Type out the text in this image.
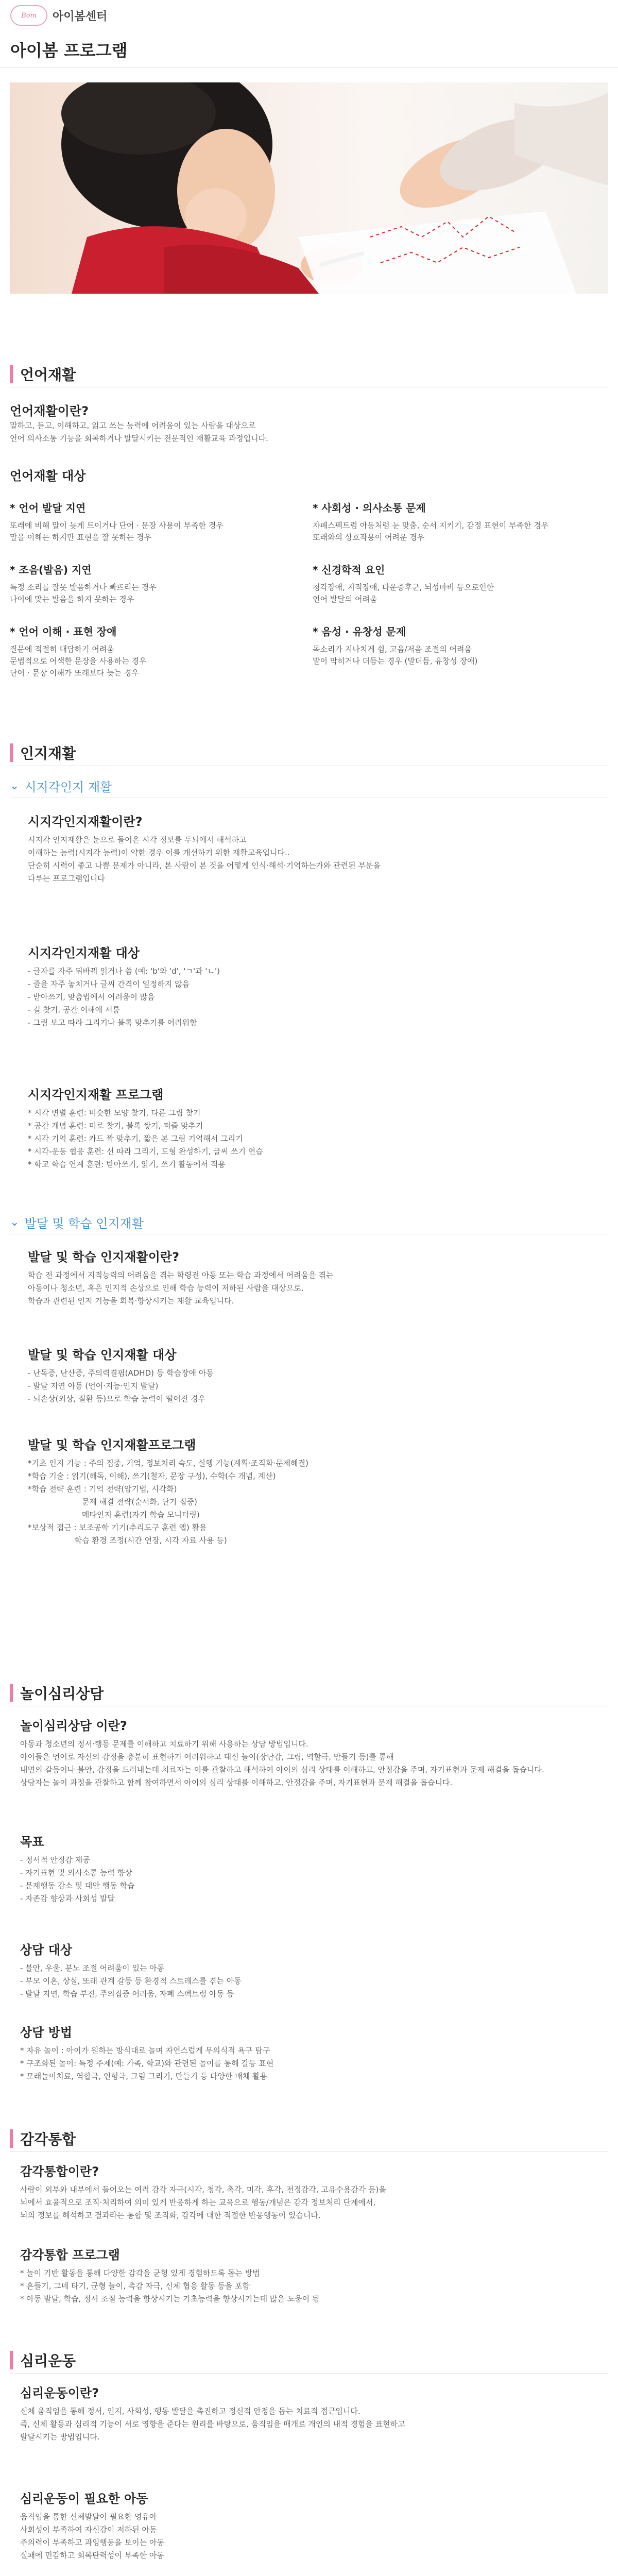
Bom 아이봄센터
아이봄 프로그램
언어재활
언어재활이란?

말하고, 듣고, 이해하고, 읽고 쓰는 능력에 어려움이 있는 사람을 대상으로

언어 의사소통 기능을 회복하거나 발달시키는 전문적인 재활교육 과정입니다.

언어재활 대상
* 언어 발달 지연

또래에 비해 말이 늦게 트이거나 단어 · 문장 사용이 부족한 경우

말을 이해는 하지만 표현을 잘 못하는 경우

* 사회성 · 의사소통 문제

자폐스펙트럼 아동처럼 눈 맞춤, 순서 지키기, 감정 표현이 부족한 경우

또래와의 상호작용이 어려운 경우

* 조음(발음) 지연

특정 소리를 잘못 발음하거나 빠뜨리는 경우

나이에 맞는 발음을 하지 못하는 경우

* 신경학적 요인

청각장애, 지적장애, 다운증후군, 뇌성마비 등으로인한

언어 발달의 어려움

* 언어 이해 · 표현 장애

질문에 적절히 대답하기 어려움

문법적으로 어색한 문장을 사용하는 경우

단어 · 문장 이해가 또래보다 늦는 경우

* 음성 · 유창성 문제

목소리가 지나치게 쉼, 고음/저음 조절의 어려움

말이 막히거나 더듬는 경우 (말더듬, 유창성 장애)

인지재활
⌄ 시지각인지 재활
시지각인지재활이란?

시지각 인지재활은 눈으로 들어온 시각 정보를 두뇌에서 해석하고

이해하는 능력(시지각 능력)이 약한 경우 이를 개선하기 위한 재활교육입니다..

단순히 시력이 좋고 나쁨 문제가 아니라, 본 사람이 본 것을 어떻게 인식·해석·기억하는가와 관련된 부분을

다루는 프로그램입니다

시지각인지재활 대상

- 글자를 자주 뒤바꿔 읽거나 씀 (예: 'b'와 'd', 'ㄱ'과 'ㄴ')

- 줄을 자주 놓치거나 글씨 간격이 일정하지 않음

- 받아쓰기, 맞춤법에서 어려움이 많음

- 길 찾기, 공간 이해에 서툼

- 그림 보고 따라 그리기나 블록 맞추기를 어려워함

시지각인지재활 프로그램

* 시각 변별 훈련: 비슷한 모양 찾기, 다른 그림 찾기

* 공간 개념 훈련: 미로 찾기, 블록 쌓기, 퍼즐 맞추기

* 시각 기억 훈련: 카드 짝 맞추기, 짧은 본 그림 기억해서 그리기

* 시각-운동 협응 훈련: 선 따라 그리기, 도형 완성하기, 글씨 쓰기 연습

* 학교 학습 연계 훈련: 받아쓰기, 읽기, 쓰기 활동에서 적용

⌄ 발달 및 학습 인지재활
발달 및 학습 인지재활이란?

학습 전 과정에서 지적능력의 어려움을 겪는 학령전 아동 또는 학습 과정에서 어려움을 겪는

아동이나 청소년, 혹은 인지적 손상으로 인해 학습 능력이 저하된 사람을 대상으로,

학습과 관련된 인지 기능을 회복·향상시키는 재활 교육입니다.

발달 및 학습 인지재활 대상

- 난독증, 난산증, 주의력결핍(ADHD) 등 학습장애 아동

- 발달 지연 아동 (언어·지능·인지 발달)

- 뇌손상(외상, 질환 등)으로 학습 능력이 떨어진 경우

발달 및 학습 인지재활프로그램
*기초 인지 기능 : 주의 집중, 기억, 정보처리 속도, 실행 기능(계획·조직화·문제해결)
*학습 기술 : 읽기(해독, 이해), 쓰기(철자, 문장 구성), 수학(수 개념, 계산)
*학습 전략 훈련 : 기억 전략(암기법, 시각화)
문제 해결 전략(순서화, 단기 집중)
메타인지 훈련(자기 학습 모니터링)
*보상적 접근 : 보조공학 기기(추리도구 훈련 앱) 활용
학습 환경 조정(시간 연장, 시각 자료 사용 등)
놀이심리상담
놀이심리상담 이란?

아동과 청소년의 정서·행동 문제를 이해하고 치료하기 위해 사용하는 상담 방법입니다.

아이들은 언어로 자신의 감정을 충분히 표현하기 어려워하고 대신 놀이(장난감, 그림, 역할극, 만들기 등)를 통해

내면의 갈등이나 불안, 감정을 드러내는데 치료자는 이를 관찰하고 해석하여 아이의 심리 상태를 이해하고, 안정감을 주며, 자기표현과 문제 해결을 돕습니다.

상담자는 놀이 과정을 관찰하고 함께 참여하면서 아이의 심리 상태를 이해하고, 안정감을 주며, 자기표현과 문제 해결을 돕습니다.

목표

- 정서적 안정감 제공

- 자기표현 및 의사소통 능력 향상

- 문제행동 감소 및 대안 행동 학습

- 자존감 향상과 사회성 발달

상담 대상

- 불안, 우울, 분노 조절 어려움이 있는 아동

- 부모 이혼, 상실, 또래 관계 갈등 등 환경적 스트레스를 겪는 아동

- 발달 지연, 학습 부진, 주의집중 어려움, 자폐 스펙트럼 아동 등

상담 방법

* 자유 놀이 : 아이가 원하는 방식대로 놀며 자연스럽게 무의식적 욕구 탐구

* 구조화된 놀이: 특정 주제(예: 가족, 학교)와 관련된 놀이를 통해 갈등 표현

* 모래놀이치료, 역할극, 인형극, 그림 그리기, 만들기 등 다양한 매체 활용

감각통합
감각통합이란?

사람이 외부와 내부에서 들어오는 여러 감각 자극(시각, 청각, 촉각, 미각, 후각, 전정감각, 고유수용감각 등)을

뇌에서 효율적으로 조직·처리하여 의미 있게 반응하게 하는 교육으로 행동/개념은 감각 정보처리 단계에서,

뇌의 정보를 해석하고 결과라는 통합 및 조직화, 감각에 대한 적절한 반응행동이 있습니다.

감각통합 프로그램

* 놀이 기반 활동을 통해 다양한 감각을 균형 있게 경험하도록 돕는 방법

* 흔들기, 그네 타기, 균형 놀이, 촉감 자극, 신체 협응 활동 등을 포함

* 아동 발달, 학습, 정서 조절 능력을 향상시키는 기초능력을 향상시키는데 많은 도움이 됨

심리운동
심리운동이란?

신체 움직임을 통해 정서, 인지, 사회성, 행동 발달을 촉진하고 정신적 안정을 돕는 치료적 접근입니다.

즉, 신체 활동과 심리적 기능이 서로 영향을 준다는 원리를 바탕으로, 움직임을 매개로 개인의 내적 경험을 표현하고

발달시키는 방법입니다.

심리운동이 필요한 아동

움직임을 통한 신체발달이 필요한 영유아

사회성이 부족하여 자신감이 저하된 아동

주의력이 부족하고 과잉행동을 보이는 아동

실패에 민감하고 회복탄력성이 부족한 아동
